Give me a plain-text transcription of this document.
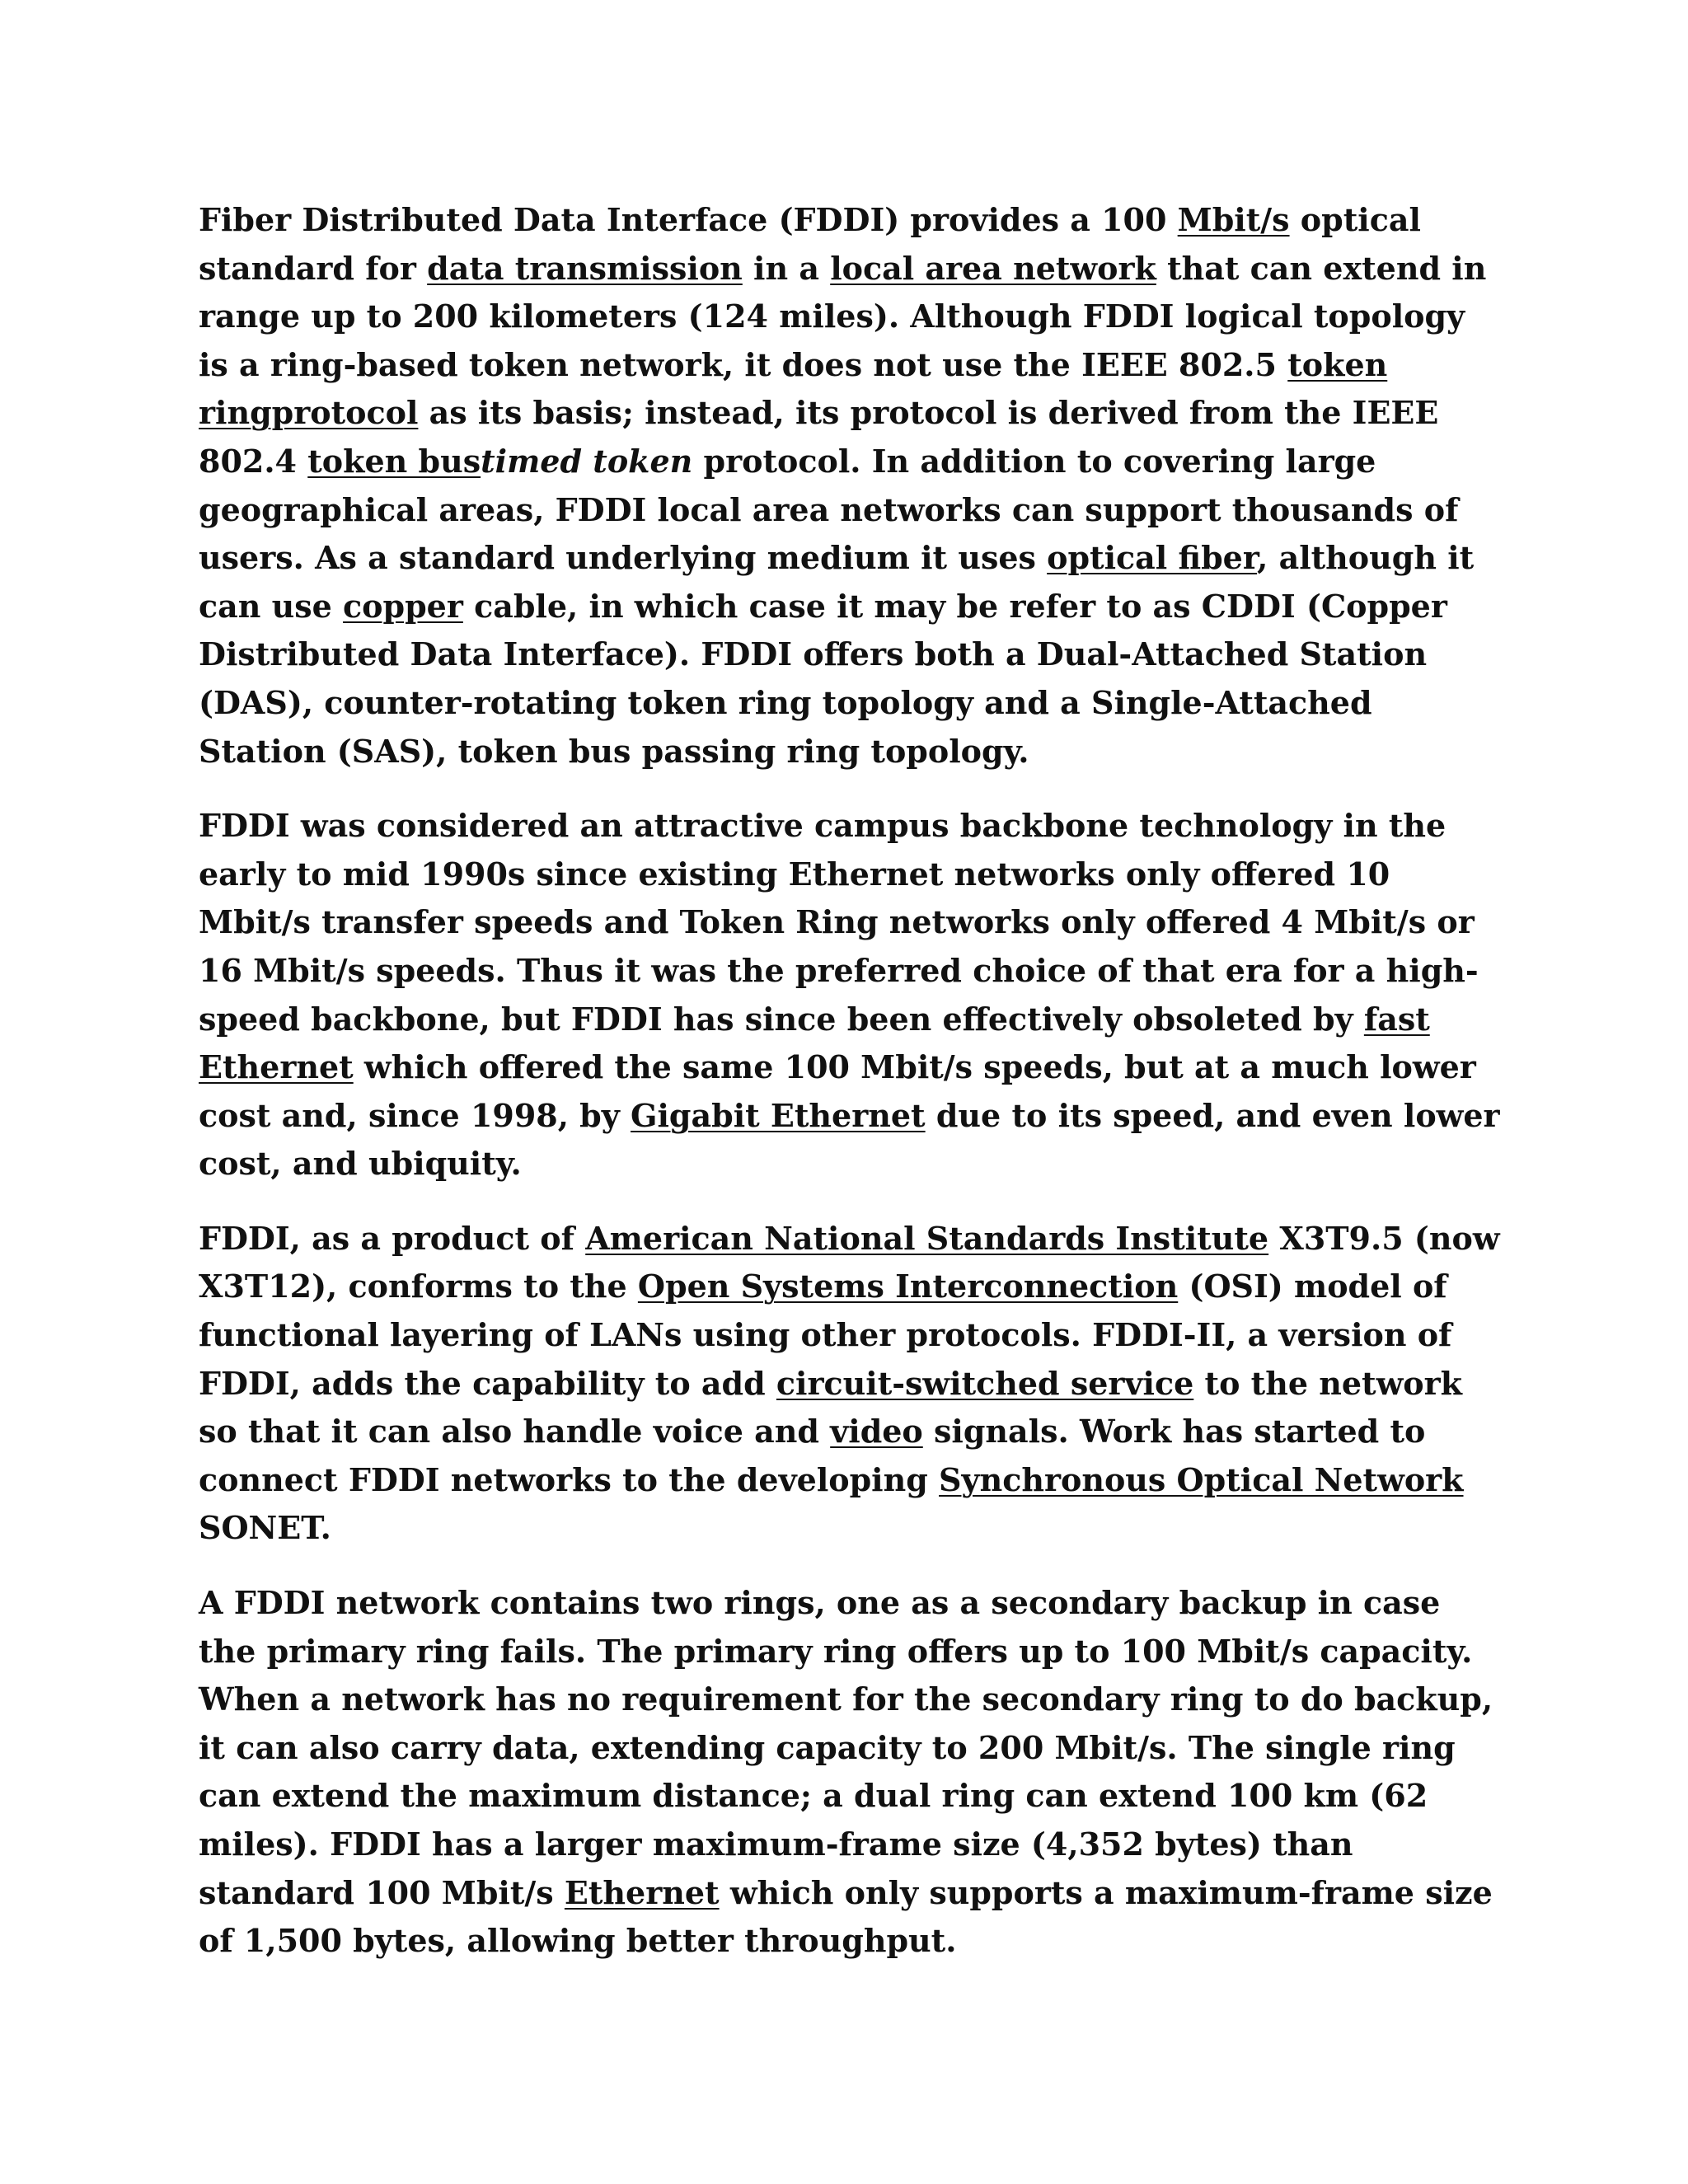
Fiber Distributed Data Interface (FDDI) provides a 100 Mbit/s optical standard for data transmission in a local area network that can extend in range up to 200 kilometers (124 miles). Although FDDI logical topology is a ring-based token network, it does not use the IEEE 802.5 token ringprotocol as its basis; instead, its protocol is derived from the IEEE 802.4 token bustimed token protocol. In addition to covering large geographical areas, FDDI local area networks can support thousands of users. As a standard underlying medium it uses optical fiber, although it can use copper cable, in which case it may be refer to as CDDI (Copper Distributed Data Interface). FDDI offers both a Dual-Attached Station (DAS), counter-rotating token ring topology and a Single-Attached Station (SAS), token bus passing ring topology.

FDDI was considered an attractive campus backbone technology in the early to mid 1990s since existing Ethernet networks only offered 10 Mbit/s transfer speeds and Token Ring networks only offered 4 Mbit/s or 16 Mbit/s speeds. Thus it was the preferred choice of that era for a high-speed backbone, but FDDI has since been effectively obsoleted by fast Ethernet which offered the same 100 Mbit/s speeds, but at a much lower cost and, since 1998, by Gigabit Ethernet due to its speed, and even lower cost, and ubiquity.

FDDI, as a product of American National Standards Institute X3T9.5 (now X3T12), conforms to the Open Systems Interconnection (OSI) model of functional layering of LANs using other protocols. FDDI-II, a version of FDDI, adds the capability to add circuit-switched service to the network so that it can also handle voice and video signals. Work has started to connect FDDI networks to the developing Synchronous Optical Network SONET.

A FDDI network contains two rings, one as a secondary backup in case the primary ring fails. The primary ring offers up to 100 Mbit/s capacity. When a network has no requirement for the secondary ring to do backup, it can also carry data, extending capacity to 200 Mbit/s. The single ring can extend the maximum distance; a dual ring can extend 100 km (62 miles). FDDI has a larger maximum-frame size (4,352 bytes) than standard 100 Mbit/s Ethernet which only supports a maximum-frame size of 1,500 bytes, allowing better throughput.
